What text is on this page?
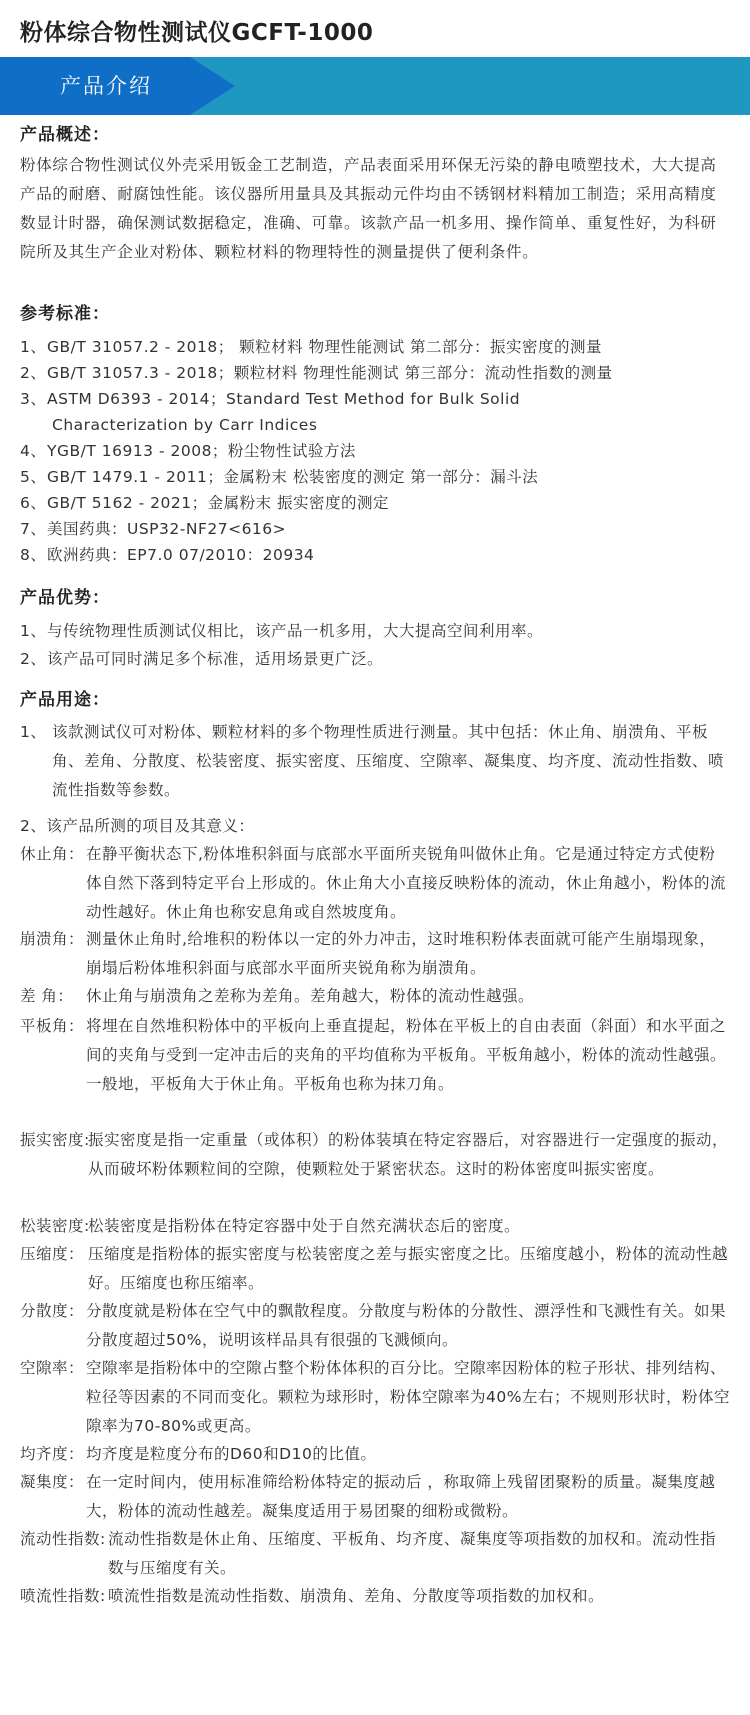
粉体综合物性测试仪GCFT-1000
产品介绍
产品概述：

粉体综合物性测试仪外壳采用钣金工艺制造，产品表面采用环保无污染的静电喷塑技术，大大提高产品的耐磨、耐腐蚀性能。该仪器所用量具及其振动元件均由不锈钢材料精加工制造；采用高精度数显计时器，确保测试数据稳定，准确、可靠。该款产品一机多用、操作简单、重复性好，为科研院所及其生产企业对粉体、颗粒材料的物理特性的测量提供了便利条件。

参考标准：
1、GB/T 31057.2 - 2018； 颗粒材料 物理性能测试 第二部分：振实密度的测量
2、GB/T 31057.3 - 2018；颗粒材料 物理性能测试 第三部分：流动性指数的测量
3、ASTM D6393 - 2014；Standard Test Method for Bulk Solid
Characterization by Carr Indices
4、YGB/T 16913 - 2008；粉尘物性试验方法
5、GB/T 1479.1 - 2011；金属粉末 松装密度的测定 第一部分：漏斗法
6、GB/T 5162 - 2021；金属粉末 振实密度的测定
7、美国药典：USP32-NF27<616>
8、欧洲药典：EP7.0 07/2010：20934
产品优势：
1、与传统物理性质测试仪相比，该产品一机多用，大大提高空间利用率。
2、该产品可同时满足多个标准，适用场景更广泛。
产品用途：
1、 该款测试仪可对粉体、颗粒材料的多个物理性质进行测量。其中包括：休止角、崩溃角、平板角、差角、分散度、松装密度、振实密度、压缩度、空隙率、凝集度、均齐度、流动性指数、喷流性指数等参数。

2、该产品所测的项目及其意义：
休止角： 在静平衡状态下,粉体堆积斜面与底部水平面所夹锐角叫做休止角。它是通过特定方式使粉体自然下落到特定平台上形成的。休止角大小直接反映粉体的流动，休止角越小，粉体的流动性越好。休止角也称安息角或自然坡度角。

崩溃角： 测量休止角时,给堆积的粉体以一定的外力冲击，这时堆积粉体表面就可能产生崩塌现象，崩塌后粉体堆积斜面与底部水平面所夹锐角称为崩溃角。

差 角： 休止角与崩溃角之差称为差角。差角越大，粉体的流动性越强。

平板角： 将埋在自然堆积粉体中的平板向上垂直提起，粉体在平板上的自由表面（斜面）和水平面之间的夹角与受到一定冲击后的夹角的平均值称为平板角。平板角越小，粉体的流动性越强。一般地，平板角大于休止角。平板角也称为抹刀角。

振实密度:

振实密度是指一定重量（或体积）的粉体装填在特定容器后，对容器进行一定强度的振动，从而破坏粉体颗粒间的空隙，使颗粒处于紧密状态。这时的粉体密度叫振实密度。

松装密度:

松装密度是指粉体在特定容器中处于自然充满状态后的密度。

压缩度： 压缩度是指粉体的振实密度与松装密度之差与振实密度之比。压缩度越小，粉体的流动性越好。压缩度也称压缩率。

分散度： 分散度就是粉体在空气中的飘散程度。分散度与粉体的分散性、漂浮性和飞溅性有关。如果分散度超过50%，说明该样品具有很强的飞溅倾向。

空隙率： 空隙率是指粉体中的空隙占整个粉体体积的百分比。空隙率因粉体的粒子形状、排列结构、粒径等因素的不同而变化。颗粒为球形时，粉体空隙率为40%左右；不规则形状时，粉体空隙率为70-80%或更高。

均齐度： 均齐度是粒度分布的D60和D10的比值。

凝集度： 在一定时间内，使用标准筛给粉体特定的振动后 ，称取筛上残留团聚粉的质量。凝集度越大，粉体的流动性越差。凝集度适用于易团聚的细粉或微粉。

流动性指数: 流动性指数是休止角、压缩度、平板角、均齐度、凝集度等项指数的加权和。流动性指数与压缩度有关。

喷流性指数: 喷流性指数是流动性指数、崩溃角、差角、分散度等项指数的加权和。
